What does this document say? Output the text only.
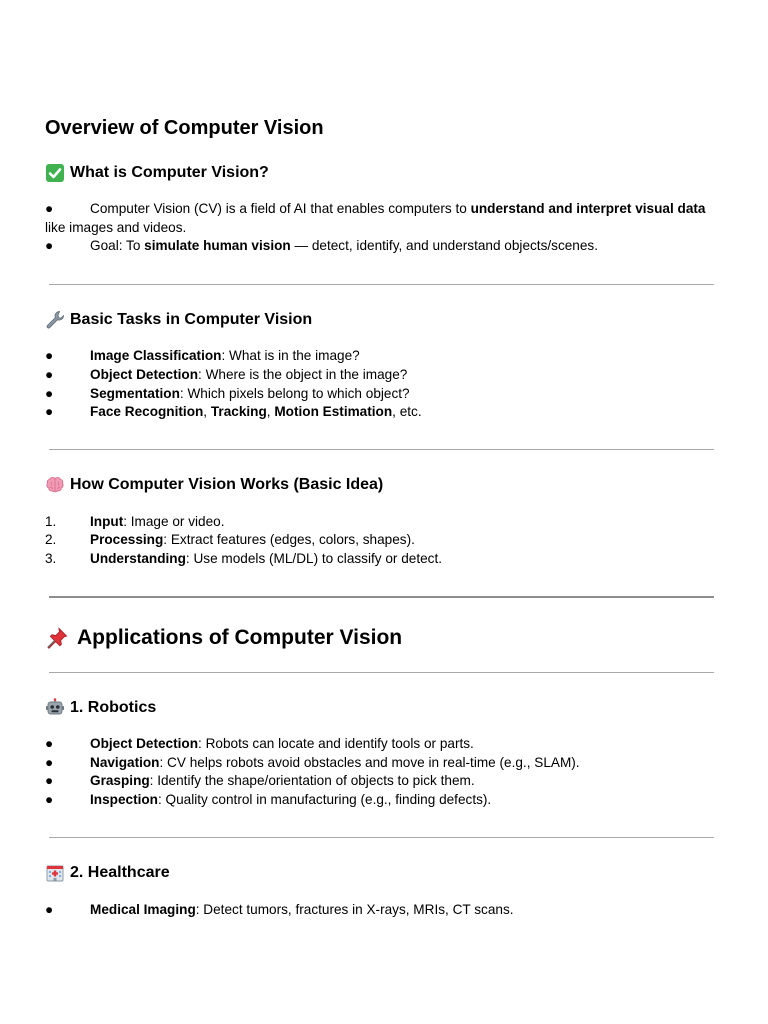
Overview of Computer Vision
What is Computer Vision?
●	Computer Vision (CV) is a field of AI that enables computers to understand and interpret visual data
like images and videos.
●	Goal: To simulate human vision — detect, identify, and understand objects/scenes.
Basic Tasks in Computer Vision
●	Image Classification: What is in the image?
●	Object Detection: Where is the object in the image?
●	Segmentation: Which pixels belong to which object?
●	Face Recognition, Tracking, Motion Estimation, etc.
How Computer Vision Works (Basic Idea)
1. Input: Image or video.
2. Processing: Extract features (edges, colors, shapes).
3. Understanding: Use models (ML/DL) to classify or detect.
Applications of Computer Vision
1. Robotics
●	Object Detection: Robots can locate and identify tools or parts.
●	Navigation: CV helps robots avoid obstacles and move in real-time (e.g., SLAM).
●	Grasping: Identify the shape/orientation of objects to pick them.
●	Inspection: Quality control in manufacturing (e.g., finding defects).
2. Healthcare
●	Medical Imaging: Detect tumors, fractures in X-rays, MRIs, CT scans.
